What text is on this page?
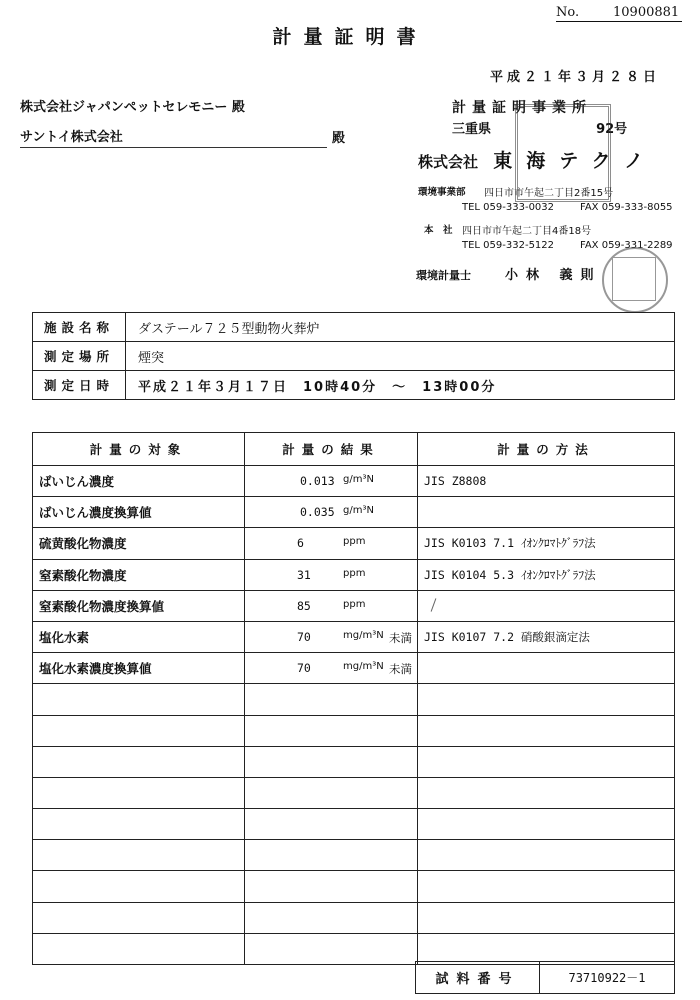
No.	10900881
計量証明書
平成２１年３月２８日
株式会社ジャパンペットセレモニー 殿
サントイ株式会社	殿
計量証明事業所
三重県	92号
株式会社 東海テクノ
環境事業部 四日市市午起二丁目2番15号
TEL 059-333-0032	FAX 059-333-8055
本　社 四日市市午起二丁目4番18号
TEL 059-332-5122	FAX 059-331-2289
環境計量士	小林 義則
施設名称	ダステール７２５型動物火葬炉
測定場所	煙突
測定日時	平成２１年３月１７日　10時40分　～　13時00分
計量の対象	計量の結果	計量の方法
ばいじん濃度	0.013 g/m³N	JIS Z8808
ばいじん濃度換算値	0.035 g/m³N	

硫黄酸化物濃度	6 ppm	JIS K0103 7.1 ｲｵﾝｸﾛﾏﾄｸﾞﾗﾌ法
窒素酸化物濃度	31 ppm	JIS K0104 5.3 ｲｵﾝｸﾛﾏﾄｸﾞﾗﾌ法
窒素酸化物濃度換算値	85 ppm	

塩化水素	70 mg/m³N 未満	JIS K0107 7.2 硝酸銀滴定法
塩化水素濃度換算値	70 mg/m³N 未満	

試料番号	73710922－1
